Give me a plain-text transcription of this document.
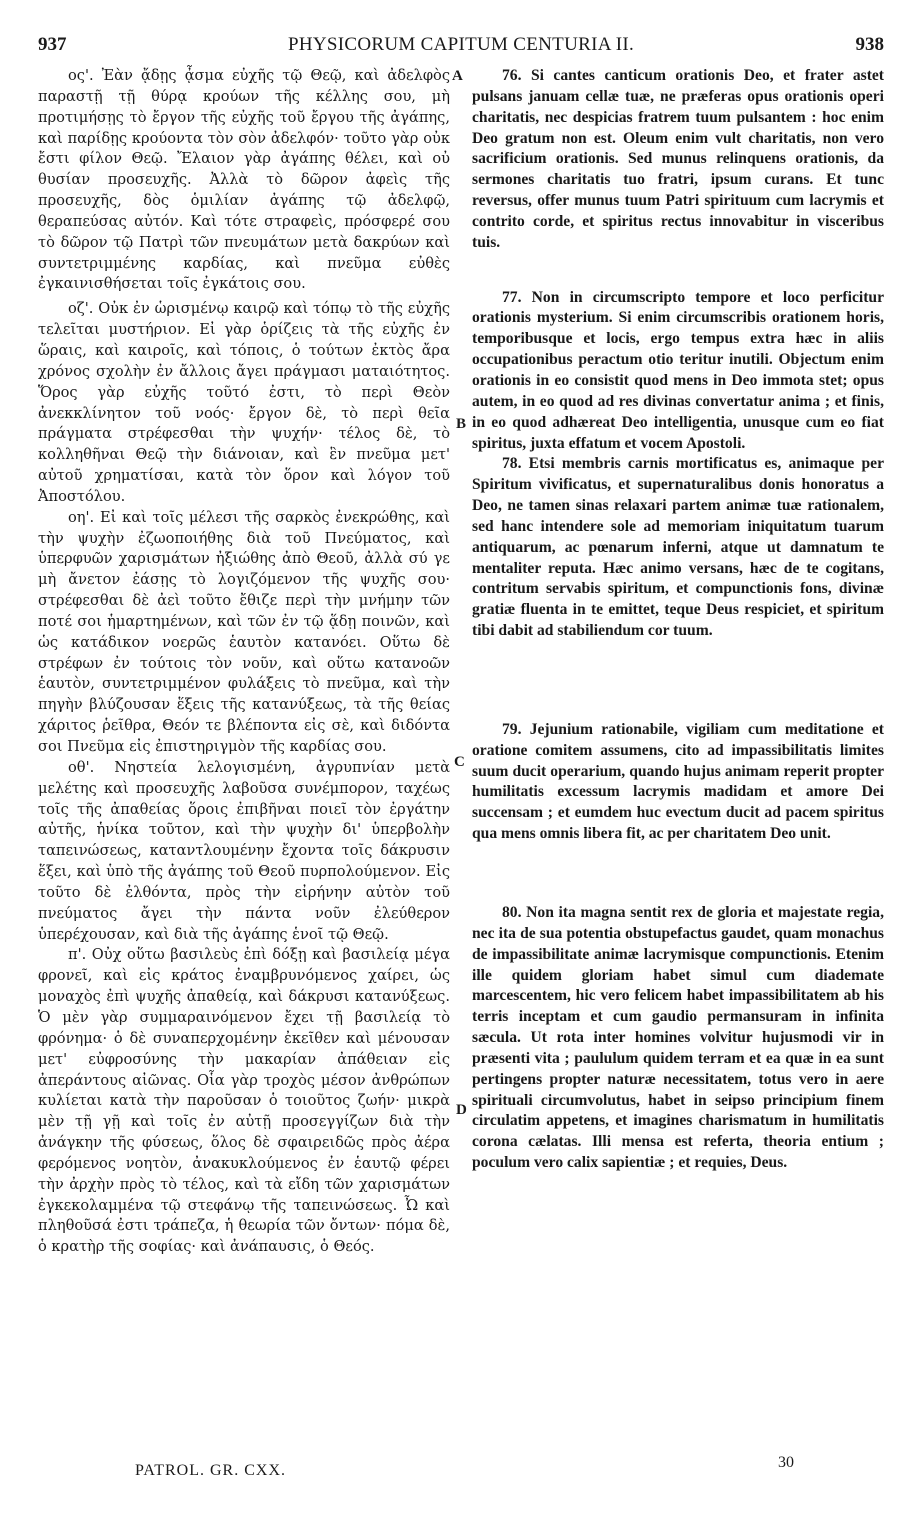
937	PHYSICORUM CAPITUM CENTURIA II.	938

ος'. Ἐὰν ᾄδῃς ᾆσμα εὐχῆς τῷ Θεῷ, καὶ ἀδελφὸς παραστῇ τῇ θύρᾳ κρούων τῆς κέλλης σου, μὴ προτιμήσῃς τὸ ἔργον τῆς εὐχῆς τοῦ ἔργου τῆς ἀγάπης, καὶ παρίδῃς κρούοντα τὸν σὸν ἀδελφόν· τοῦτο γὰρ οὐκ ἔστι φίλον Θεῷ. Ἔλαιον γὰρ ἀγάπης θέλει, καὶ οὐ θυσίαν προσευχῆς. Ἀλλὰ τὸ δῶρον ἀφεὶς τῆς προσευχῆς, δὸς ὁμιλίαν ἀγάπης τῷ ἀδελφῷ, θεραπεύσας αὐτόν. Καὶ τότε στραφεὶς, πρόσφερέ σου τὸ δῶρον τῷ Πατρὶ τῶν πνευμάτων μετὰ δακρύων καὶ συντετριμμένης καρδίας, καὶ πνεῦμα εὐθὲς ἐγκαινισθήσεται τοῖς ἐγκάτοις σου.

οζ'. Οὐκ ἐν ὡρισμένῳ καιρῷ καὶ τόπῳ τὸ τῆς εὐχῆς τελεῖται μυστήριον. Εἰ γὰρ ὁρίζεις τὰ τῆς εὐχῆς ἐν ὥραις, καὶ καιροῖς, καὶ τόποις, ὁ τούτων ἐκτὸς ἄρα χρόνος σχολὴν ἐν ἄλλοις ἄγει πράγμασι ματαιότητος. Ὅρος γὰρ εὐχῆς τοῦτό ἐστι, τὸ περὶ Θεὸν ἀνεκκλίνητον τοῦ νοός· ἔργον δὲ, τὸ περὶ θεῖα πράγματα στρέφεσθαι τὴν ψυχήν· τέλος δὲ, τὸ κολληθῆναι Θεῷ τὴν διάνοιαν, καὶ ἓν πνεῦμα μετ' αὐτοῦ χρηματίσαι, κατὰ τὸν ὅρον καὶ λόγον τοῦ Ἀποστόλου.

οη'. Εἰ καὶ τοῖς μέλεσι τῆς σαρκὸς ἐνεκρώθης, καὶ τὴν ψυχὴν ἐζωοποιήθης διὰ τοῦ Πνεύματος, καὶ ὑπερφυῶν χαρισμάτων ἠξιώθης ἀπὸ Θεοῦ, ἀλλὰ σύ γε μὴ ἄνετον ἐάσῃς τὸ λογιζόμενον τῆς ψυχῆς σου· στρέφεσθαι δὲ ἀεὶ τοῦτο ἔθιζε περὶ τὴν μνήμην τῶν ποτέ σοι ἡμαρτημένων, καὶ τῶν ἐν τῷ ᾅδῃ ποινῶν, καὶ ὡς κατάδικον νοερῶς ἑαυτὸν κατανόει. Οὕτω δὲ στρέφων ἐν τούτοις τὸν νοῦν, καὶ οὕτω κατανοῶν ἑαυτὸν, συντετριμμένον φυλάξεις τὸ πνεῦμα, καὶ τὴν πηγὴν βλύζουσαν ἕξεις τῆς κατανύξεως, τὰ τῆς θείας χάριτος ῥεῖθρα, Θεόν τε βλέποντα εἰς σὲ, καὶ διδόντα σοι Πνεῦμα εἰς ἐπιστηριγμὸν τῆς καρδίας σου.

οθ'. Νηστεία λελογισμένη, ἀγρυπνίαν μετὰ μελέτης καὶ προσευχῆς λαβοῦσα συνέμπορον, ταχέως τοῖς τῆς ἀπαθείας ὅροις ἐπιβῆναι ποιεῖ τὸν ἐργάτην αὐτῆς, ἡνίκα τοῦτον, καὶ τὴν ψυχὴν δι' ὑπερβολὴν ταπεινώσεως, καταντλουμένην ἔχοντα τοῖς δάκρυσιν ἕξει, καὶ ὑπὸ τῆς ἀγάπης τοῦ Θεοῦ πυρπολούμενον. Εἰς τοῦτο δὲ ἐλθόντα, πρὸς τὴν εἰρήνην αὐτὸν τοῦ πνεύματος ἄγει τὴν πάντα νοῦν ἐλεύθερον ὑπερέχουσαν, καὶ διὰ τῆς ἀγάπης ἑνοῖ τῷ Θεῷ.

π'. Οὐχ οὕτω βασιλεὺς ἐπὶ δόξῃ καὶ βασιλείᾳ μέγα φρονεῖ, καὶ εἰς κράτος ἐναμβρυνόμενος χαίρει, ὡς μοναχὸς ἐπὶ ψυχῆς ἀπαθείᾳ, καὶ δάκρυσι κατανύξεως. Ὁ μὲν γὰρ συμμαραινόμενον ἔχει τῇ βασιλείᾳ τὸ φρόνημα· ὁ δὲ συναπερχομένην ἐκεῖθεν καὶ μένουσαν μετ' εὐφροσύνης τὴν μακαρίαν ἀπάθειαν εἰς ἀπεράντους αἰῶνας. Οἷα γὰρ τροχὸς μέσον ἀνθρώπων κυλίεται κατὰ τὴν παροῦσαν ὁ τοιοῦτος ζωήν· μικρὰ μὲν τῇ γῇ καὶ τοῖς ἐν αὐτῇ προσεγγίζων διὰ τὴν ἀνάγκην τῆς φύσεως, ὅλος δὲ σφαιρειδῶς πρὸς ἀέρα φερόμενος νοητὸν, ἀνακυκλούμενος ἐν ἑαυτῷ φέρει τὴν ἀρχὴν πρὸς τὸ τέλος, καὶ τὰ εἴδη τῶν χαρισμάτων ἐγκεκολαμμένα τῷ στεφάνῳ τῆς ταπεινώσεως. Ὦ καὶ πληθοῦσά ἐστι τράπεζα, ἡ θεωρία τῶν ὄντων· πόμα δὲ, ὁ κρατὴρ τῆς σοφίας· καὶ ἀνάπαυσις, ὁ Θεός.

76. Si cantes canticum orationis Deo, et frater astet pulsans januam cellæ tuæ, ne præferas opus orationis operi charitatis, nec despicias fratrem tuum pulsantem : hoc enim Deo gratum non est. Oleum enim vult charitatis, non vero sacrificium orationis. Sed munus relinquens orationis, da sermones charitatis tuo fratri, ipsum curans. Et tunc reversus, offer munus tuum Patri spirituum cum lacrymis et contrito corde, et spiritus rectus innovabitur in visceribus tuis.

77. Non in circumscripto tempore et loco perficitur orationis mysterium. Si enim circumscribis orationem horis, temporibusque et locis, ergo tempus extra hæc in aliis occupationibus peractum otio teritur inutili. Objectum enim orationis in eo consistit quod mens in Deo immota stet; opus autem, in eo quod ad res divinas convertatur anima ; et finis, in eo quod adhæreat Deo intelligentia, unusque cum eo fiat spiritus, juxta effatum et vocem Apostoli.

78. Etsi membris carnis mortificatus es, animaque per Spiritum vivificatus, et supernaturalibus donis honoratus a Deo, ne tamen sinas relaxari partem animæ tuæ rationalem, sed hanc intendere sole ad memoriam iniquitatum tuarum antiquarum, ac pœnarum inferni, atque ut damnatum te mentaliter reputa. Hæc animo versans, hæc de te cogitans, contritum servabis spiritum, et compunctionis fons, divinæ gratiæ fluenta in te emittet, teque Deus respiciet, et spiritum tibi dabit ad stabiliendum cor tuum.

79. Jejunium rationabile, vigiliam cum meditatione et oratione comitem assumens, cito ad impassibilitatis limites suum ducit operarium, quando hujus animam reperit propter humilitatis excessum lacrymis madidam et amore Dei succensam ; et eumdem huc evectum ducit ad pacem spiritus qua mens omnis libera fit, ac per charitatem Deo unit.

80. Non ita magna sentit rex de gloria et majestate regia, nec ita de sua potentia obstupefactus gaudet, quam monachus de impassibilitate animæ lacrymisque compunctionis. Etenim ille quidem gloriam habet simul cum diademate marcescentem, hic vero felicem habet impassibilitatem ab his terris inceptam et cum gaudio permansuram in infinita sæcula. Ut rota inter homines volvitur hujusmodi vir in præsenti vita ; paululum quidem terram et ea quæ in ea sunt pertingens propter naturæ necessitatem, totus vero in aere spirituali circumvolutus, habet in seipso principium finem circulatim appetens, et imagines charismatum in humilitatis corona cælatas. Illi mensa est referta, theoria entium ; poculum vero calix sapientiæ ; et requies, Deus.

A
B
C
D
PATROL. GR. CXX.	30
